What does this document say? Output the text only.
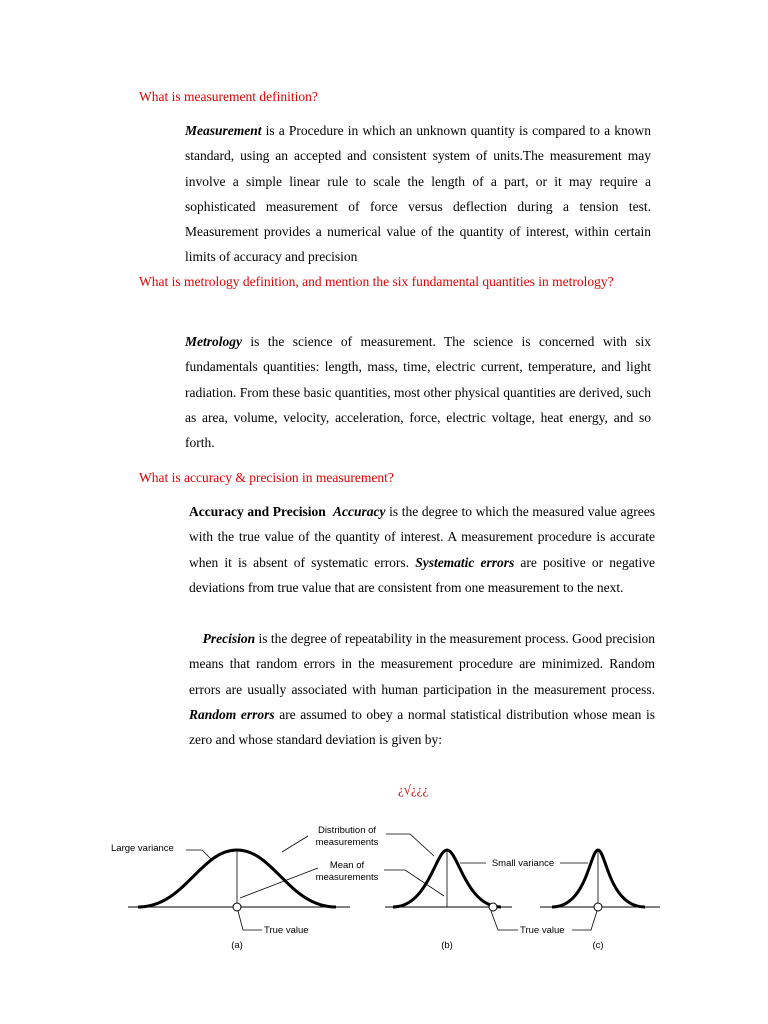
What is measurement definition?

Measurement is a Procedure in which an unknown quantity is compared to a known standard, using an accepted and consistent system of units.The measurement may involve a simple linear rule to scale the length of a part, or it may require a sophisticated measurement of force versus deflection during a tension test. Measurement provides a numerical value of the quantity of interest, within certain limits of accuracy and precision

What is metrology definition, and mention the six fundamental quantities in metrology?

Metrology is the science of measurement. The science is concerned with six fundamentals quantities: length, mass, time, electric current, temperature, and light radiation. From these basic quantities, most other physical quantities are derived, such as area, volume, velocity, acceleration, force, electric voltage, heat energy, and so forth.

What is accuracy & precision in measurement?

Accuracy and Precision Accuracy is the degree to which the measured value agrees with the true value of the quantity of interest. A measurement procedure is accurate when it is absent of systematic errors. Systematic errors are positive or negative deviations from true value that are consistent from one measurement to the next.

Precision is the degree of repeatability in the measurement process. Good precision means that random errors in the measurement procedure are minimized. Random errors are usually associated with human participation in the measurement process. Random errors are assumed to obey a normal statistical distribution whose mean is zero and whose standard deviation is given by:

¿√¿¿¿

Large variance
Distribution of
measurements
Mean of
measurements
Small variance
True value	True value
(a)	(b)	(c)
